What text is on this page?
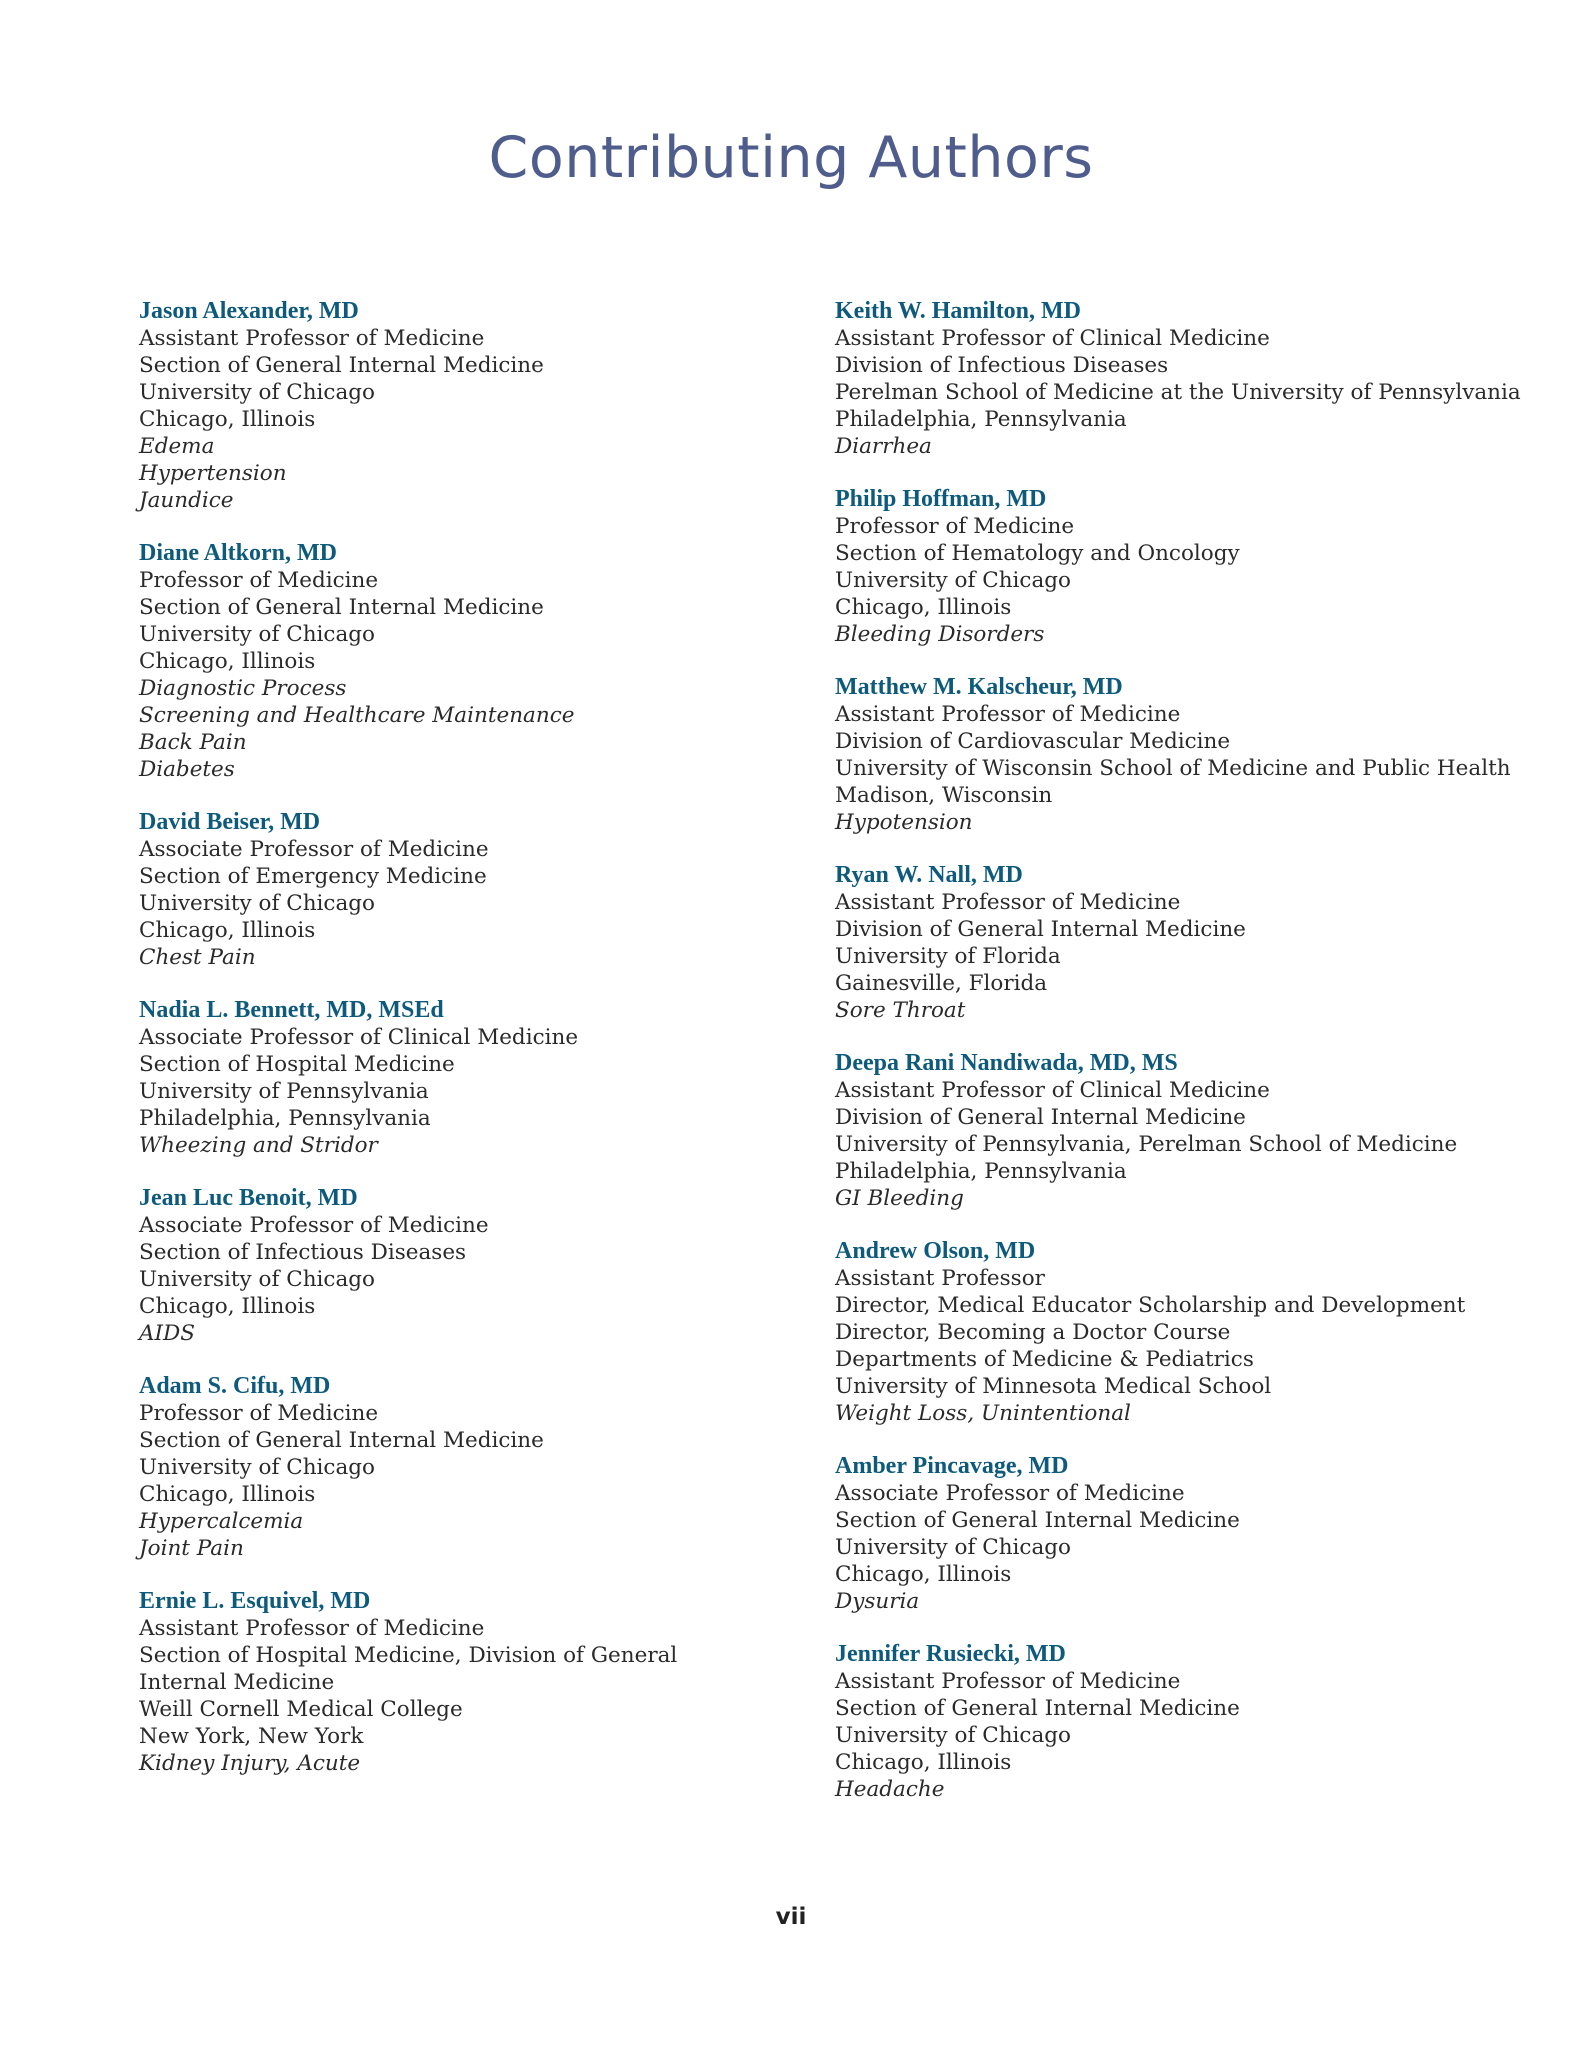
Contributing Authors
Jason Alexander, MD
Assistant Professor of Medicine
Section of General Internal Medicine
University of Chicago
Chicago, Illinois
Edema
Hypertension
Jaundice
Diane Altkorn, MD
Professor of Medicine
Section of General Internal Medicine
University of Chicago
Chicago, Illinois
Diagnostic Process
Screening and Healthcare Maintenance
Back Pain
Diabetes
David Beiser, MD
Associate Professor of Medicine
Section of Emergency Medicine
University of Chicago
Chicago, Illinois
Chest Pain
Nadia L. Bennett, MD, MSEd
Associate Professor of Clinical Medicine
Section of Hospital Medicine
University of Pennsylvania
Philadelphia, Pennsylvania
Wheezing and Stridor
Jean Luc Benoit, MD
Associate Professor of Medicine
Section of Infectious Diseases
University of Chicago
Chicago, Illinois
AIDS
Adam S. Cifu, MD
Professor of Medicine
Section of General Internal Medicine
University of Chicago
Chicago, Illinois
Hypercalcemia
Joint Pain
Ernie L. Esquivel, MD
Assistant Professor of Medicine
Section of Hospital Medicine, Division of General
Internal Medicine
Weill Cornell Medical College
New York, New York
Kidney Injury, Acute
Keith W. Hamilton, MD
Assistant Professor of Clinical Medicine
Division of Infectious Diseases
Perelman School of Medicine at the University of Pennsylvania
Philadelphia, Pennsylvania
Diarrhea
Philip Hoffman, MD
Professor of Medicine
Section of Hematology and Oncology
University of Chicago
Chicago, Illinois
Bleeding Disorders
Matthew M. Kalscheur, MD
Assistant Professor of Medicine
Division of Cardiovascular Medicine
University of Wisconsin School of Medicine and Public Health
Madison, Wisconsin
Hypotension
Ryan W. Nall, MD
Assistant Professor of Medicine
Division of General Internal Medicine
University of Florida
Gainesville, Florida
Sore Throat
Deepa Rani Nandiwada, MD, MS
Assistant Professor of Clinical Medicine
Division of General Internal Medicine
University of Pennsylvania, Perelman School of Medicine
Philadelphia, Pennsylvania
GI Bleeding
Andrew Olson, MD
Assistant Professor
Director, Medical Educator Scholarship and Development
Director, Becoming a Doctor Course
Departments of Medicine & Pediatrics
University of Minnesota Medical School
Weight Loss, Unintentional
Amber Pincavage, MD
Associate Professor of Medicine
Section of General Internal Medicine
University of Chicago
Chicago, Illinois
Dysuria
Jennifer Rusiecki, MD
Assistant Professor of Medicine
Section of General Internal Medicine
University of Chicago
Chicago, Illinois
Headache
vii
